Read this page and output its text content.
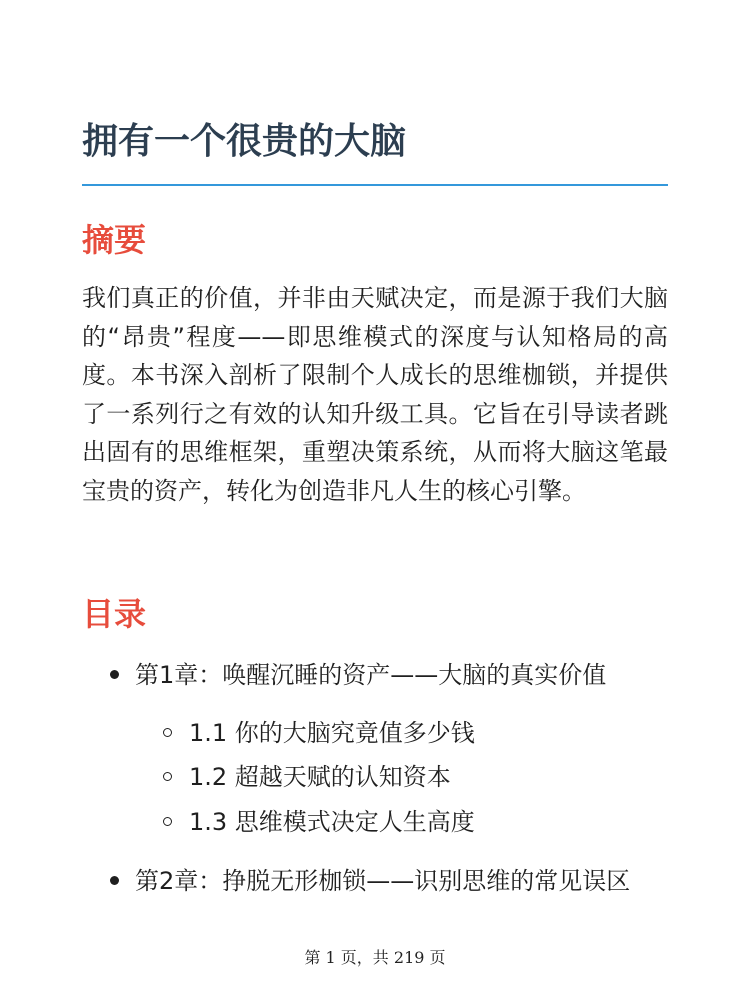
拥有一个很贵的大脑
摘要

我们真正的价值，并非由天赋决定，而是源于我们大脑的“昂贵”程度——即思维模式的深度与认知格局的高度。本书深入剖析了限制个人成长的思维枷锁，并提供了一系列行之有效的认知升级工具。它旨在引导读者跳出固有的思维框架，重塑决策系统，从而将大脑这笔最宝贵的资产，转化为创造非凡人生的核心引擎。

目录
第1章：唤醒沉睡的资产——大脑的真实价值
1.1 你的大脑究竟值多少钱
1.2 超越天赋的认知资本
1.3 思维模式决定人生高度
第2章：挣脱无形枷锁——识别思维的常见误区
第 1 页，共 219 页
